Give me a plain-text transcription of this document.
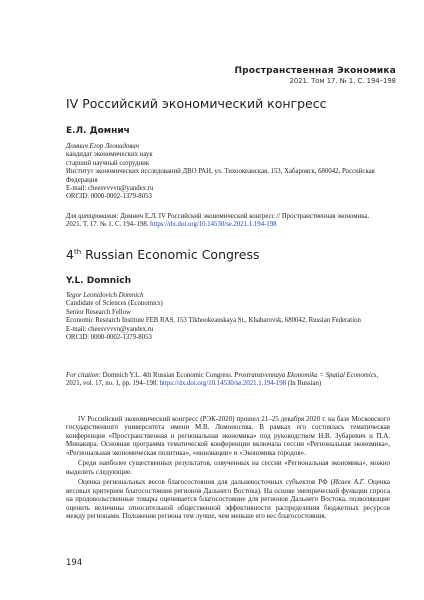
Пространственная Экономика
2021. Том 17. № 1. С. 194–198
IV Российский экономический конгресс
Е.Л. Домнич
Домнич Егор Леонидович
кандидат экономических наук
старший научный сотрудник
Институт экономических исследований ДВО РАН, ул. Тихоокеанская, 153, Хабаровск, 680042, Российская Федерация
E-mail: cheesvvvvn@yandex.ru
ORCID: 0000-0002-1379-8053
Для цитирования: Домнич Е.Л. IV Российский экономический конгресс // Пространственная экономика. 2021. Т. 17. № 1. С. 194–198. https://dx.doi.org/10.14530/se.2021.1.194-198
4th Russian Economic Congress
Y.L. Domnich
Yegor Leonidovich Domnich
Candidate of Sciences (Economics)
Senior Research Fellow
Economic Research Institute FEB RAS, 153 Tikhookeanskaya St., Khabarovsk, 680042, Russian Federation
E-mail: cheesvvvvn@yandex.ru
ORCID: 0000-0002-1379-8053
For citation: Domnich Y.L. 4th Russian Economic Congress. Prostranstvennaya Ekonomika = Spatial Economics, 2021, vol. 17, no. 1, pp. 194–198. https://dx.doi.org/10.14530/se.2021.1.194-198 (In Russian)

IV Российский экономический конгресс (РЭК-2020) прошел 21–25 декабря 2020 г. на базе Московского государственного университета имени М.В. Ломоносова. В рамках его состоялась тематическая конференция «Пространственная и региональная экономика» под руководством Н.В. Зубаревич и П.А. Минакира. Основная программа тематической конференции включала сессии «Региональная экономика», «Региональная экономическая политика», «инновации» и «Экономика городов».

Среди наиболее существенных результатов, озвученных на сессии «Региональная экономика», можно выделить следующие.

Оценка региональных весов благосостояния для дальневосточных субъектов РФ (Исаев А.Г. Оценка весовых критериев благосостояния регионов Дальнего Востока). На основе эмпирической функции спроса на продовольственные товары оценивается благосостояние для регионов Дальнего Востока, позволяющие оценить величины относительной общественной эффективности распределения бюджетных ресурсов между регионами. Положение региона тем лучше, чем меньше его вес благосостояния.

194
